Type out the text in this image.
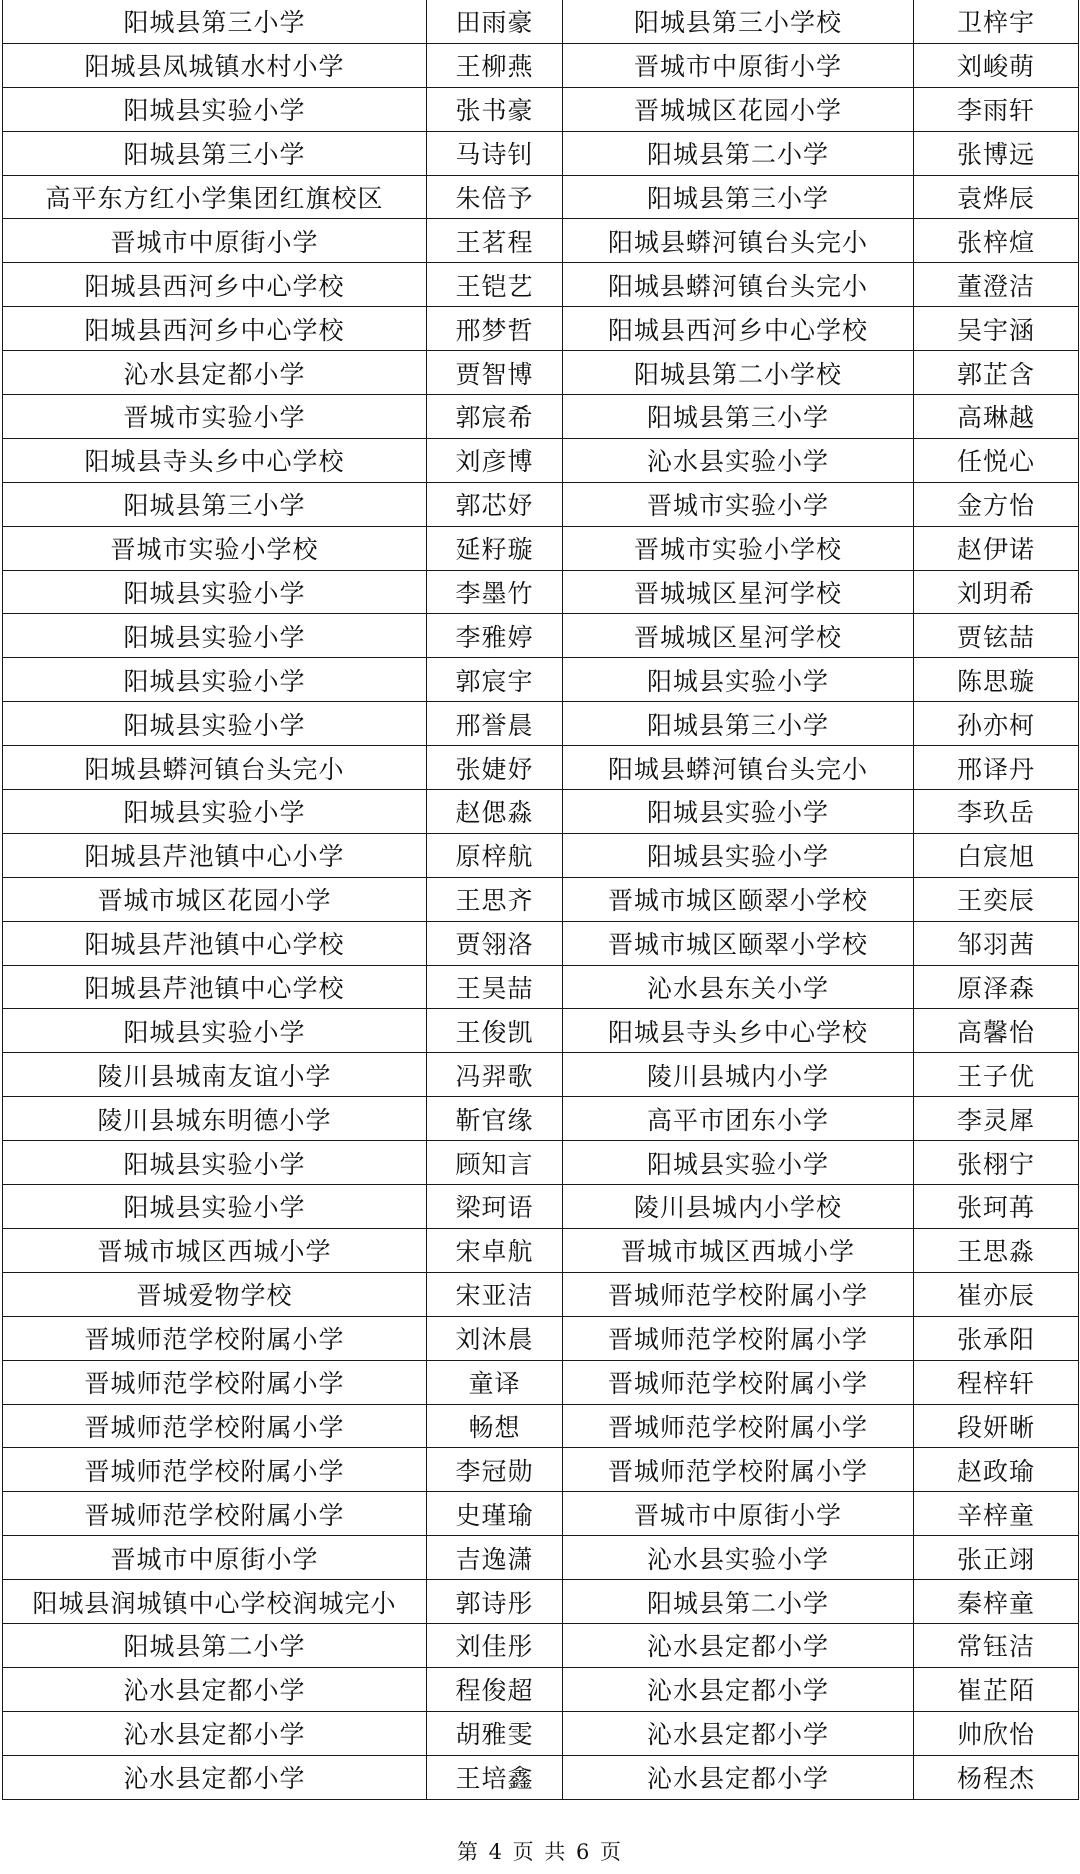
阳城县第三小学	田雨豪	阳城县第三小学校	卫梓宇
阳城县凤城镇水村小学	王柳燕	晋城市中原街小学	刘峻萌
阳城县实验小学	张书豪	晋城城区花园小学	李雨轩
阳城县第三小学	马诗钊	阳城县第二小学	张博远
高平东方红小学集团红旗校区	朱倍予	阳城县第三小学	袁烨辰
晋城市中原街小学	王茗程	阳城县蟒河镇台头完小	张梓煊
阳城县西河乡中心学校	王铠艺	阳城县蟒河镇台头完小	董澄洁
阳城县西河乡中心学校	邢梦哲	阳城县西河乡中心学校	吴宇涵
沁水县定都小学	贾智博	阳城县第二小学校	郭芷含
晋城市实验小学	郭宸希	阳城县第三小学	高琳越
阳城县寺头乡中心学校	刘彦博	沁水县实验小学	任悦心
阳城县第三小学	郭芯妤	晋城市实验小学	金方怡
晋城市实验小学校	延籽璇	晋城市实验小学校	赵伊诺
阳城县实验小学	李墨竹	晋城城区星河学校	刘玥希
阳城县实验小学	李雅婷	晋城城区星河学校	贾铉喆
阳城县实验小学	郭宸宇	阳城县实验小学	陈思璇
阳城县实验小学	邢誉晨	阳城县第三小学	孙亦柯
阳城县蟒河镇台头完小	张婕妤	阳城县蟒河镇台头完小	邢译丹
阳城县实验小学	赵偲淼	阳城县实验小学	李玖岳
阳城县芹池镇中心小学	原梓航	阳城县实验小学	白宸旭
晋城市城区花园小学	王思齐	晋城市城区颐翠小学校	王奕辰
阳城县芹池镇中心学校	贾翎洛	晋城市城区颐翠小学校	邹羽茜
阳城县芹池镇中心学校	王昊喆	沁水县东关小学	原泽森
阳城县实验小学	王俊凯	阳城县寺头乡中心学校	高馨怡
陵川县城南友谊小学	冯羿歌	陵川县城内小学	王子优
陵川县城东明德小学	靳官缘	高平市团东小学	李灵犀
阳城县实验小学	顾知言	阳城县实验小学	张栩宁
阳城县实验小学	梁珂语	陵川县城内小学校	张珂苒
晋城市城区西城小学	宋卓航	晋城市城区西城小学	王思淼
晋城爱物学校	宋亚洁	晋城师范学校附属小学	崔亦辰
晋城师范学校附属小学	刘沐晨	晋城师范学校附属小学	张承阳
晋城师范学校附属小学	童译	晋城师范学校附属小学	程梓轩
晋城师范学校附属小学	畅想	晋城师范学校附属小学	段妍晰
晋城师范学校附属小学	李冠勋	晋城师范学校附属小学	赵政瑜
晋城师范学校附属小学	史瑾瑜	晋城市中原街小学	辛梓童
晋城市中原街小学	吉逸潇	沁水县实验小学	张正翊
阳城县润城镇中心学校润城完小	郭诗彤	阳城县第二小学	秦梓童
阳城县第二小学	刘佳彤	沁水县定都小学	常钰洁
沁水县定都小学	程俊超	沁水县定都小学	崔芷陌
沁水县定都小学	胡雅雯	沁水县定都小学	帅欣怡
沁水县定都小学	王培鑫	沁水县定都小学	杨程杰
第 4 页 共 6 页
